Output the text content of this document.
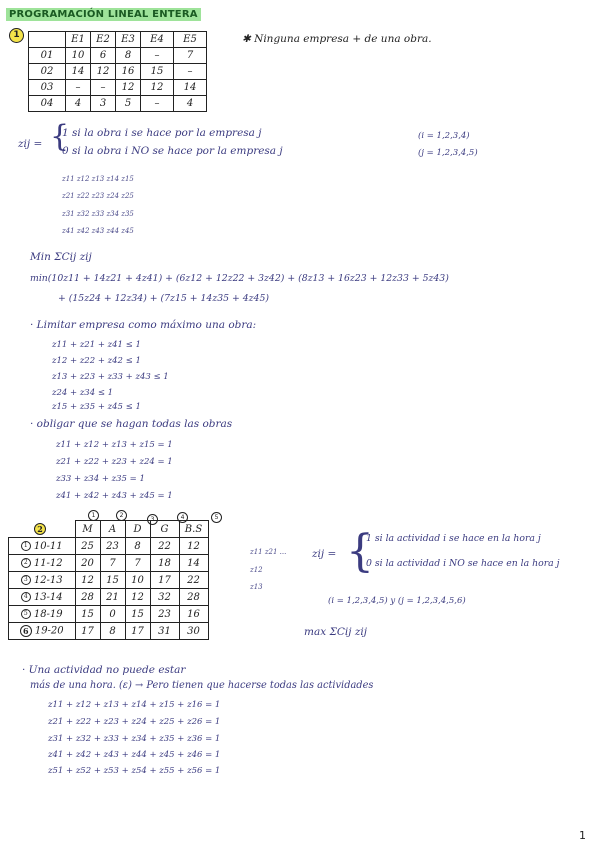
PROGRAMACIÓN LINEAL ENTERA
1
		E1	E2	E3	E4	E5
01	10	6	8	–	7
02	14	12	16	15	–
03	–	–	12	12	14
04	4	3	5	–	4
✱ Ninguna empresa + de una obra.
zij = {
1 si la obra i se hace por la empresa j
0 si la obra i NO se hace por la empresa j
(i = 1,2,3,4)
(j = 1,2,3,4,5)
z11 z12 z13 z14 z15
z21 z22 z23 z24 z25
z31 z32 z33 z34 z35
z41 z42 z43 z44 z45
Min ΣCij zij
min(10z11 + 14z21 + 4z41) + (6z12 + 12z22 + 3z42) + (8z13 + 16z23 + 12z33 + 5z43)
+ (15z24 + 12z34) + (7z15 + 14z35 + 4z45)
· Limitar empresa como máximo una obra:
z11 + z21 + z41 ≤ 1
z12 + z22 + z42 ≤ 1
z13 + z23 + z33 + z43 ≤ 1
z24 + z34 ≤ 1
z15 + z35 + z45 ≤ 1
· obligar que se hagan todas las obras
z11 + z12 + z13 + z15 = 1
z21 + z22 + z23 + z24 = 1
z33 + z34 + z35 = 1
z41 + z42 + z43 + z45 = 1
1	2
3	4	5
2	M	A	D	G	B.S
1 10-11	25	23	8	22	12
2 11-12	20	7	7	18	14
3 12-13	12	15	10	17	22
4 13-14	28	21	12	32	28
5 18-19	15	0	15	23	16
6 19-20	17	8	17	31	30
z11 z21 ...
z12
z13
zij = {
1 si la actividad i se hace en la hora j
0 si la actividad i NO se hace en la hora j
(i = 1,2,3,4,5) y (j = 1,2,3,4,5,6)
max ΣCij zij
· Una actividad no puede estar
más de una hora. (ε) → Pero tienen que hacerse todas las actividades
z11 + z12 + z13 + z14 + z15 + z16 = 1
z21 + z22 + z23 + z24 + z25 + z26 = 1
z31 + z32 + z33 + z34 + z35 + z36 = 1
z41 + z42 + z43 + z44 + z45 + z46 = 1
z51 + z52 + z53 + z54 + z55 + z56 = 1
1
